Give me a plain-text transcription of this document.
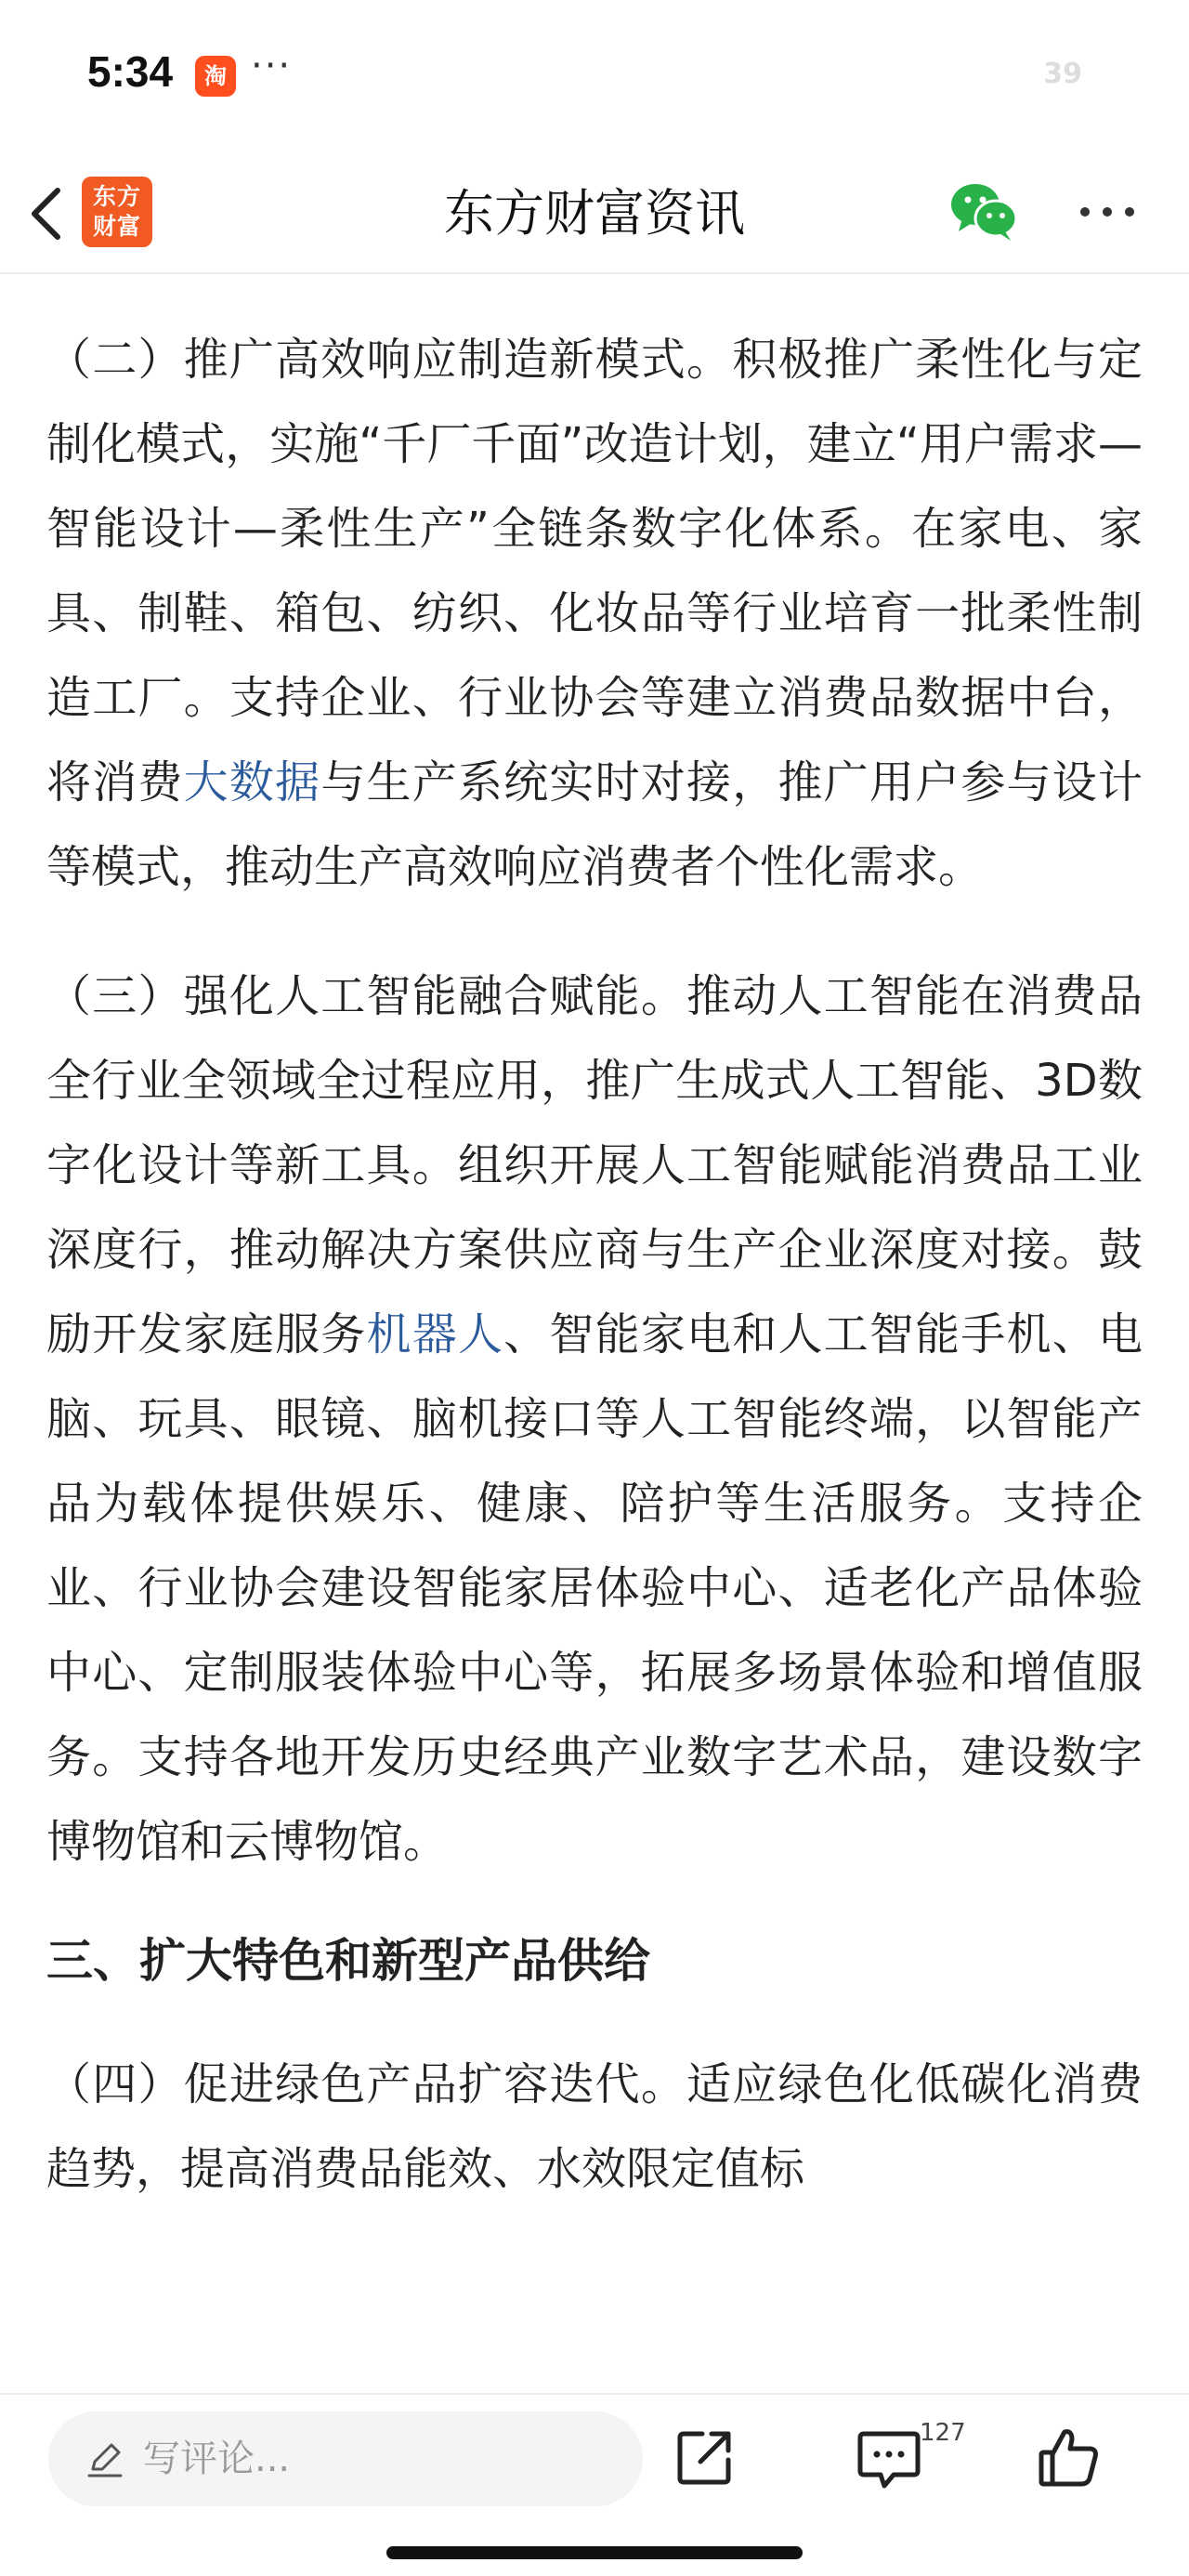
5:34	淘 ···	39
东方财富资讯
东方
财富

（二）推广高效响应制造新模式。积极推广柔性化与定制化模式，实施“千厂千面”改造计划，建立“用户需求—智能设计—柔性生产”全链条数字化体系。在家电、家具、制鞋、箱包、纺织、化妆品等行业培育一批柔性制造工厂。支持企业、行业协会等建立消费品数据中台，将消费大数据与生产系统实时对接，推广用户参与设计等模式，推动生产高效响应消费者个性化需求。

（三）强化人工智能融合赋能。推动人工智能在消费品全行业全领域全过程应用，推广生成式人工智能、3D数字化设计等新工具。组织开展人工智能赋能消费品工业深度行，推动解决方案供应商与生产企业深度对接。鼓励开发家庭服务机器人、智能家电和人工智能手机、电脑、玩具、眼镜、脑机接口等人工智能终端，以智能产品为载体提供娱乐、健康、陪护等生活服务。支持企业、行业协会建设智能家居体验中心、适老化产品体验中心、定制服装体验中心等，拓展多场景体验和增值服务。支持各地开发历史经典产业数字艺术品，建设数字博物馆和云博物馆。

三、扩大特色和新型产品供给

（四）促进绿色产品扩容迭代。适应绿色化低碳化消费趋势，提高消费品能效、水效限定值标

写评论...
127
